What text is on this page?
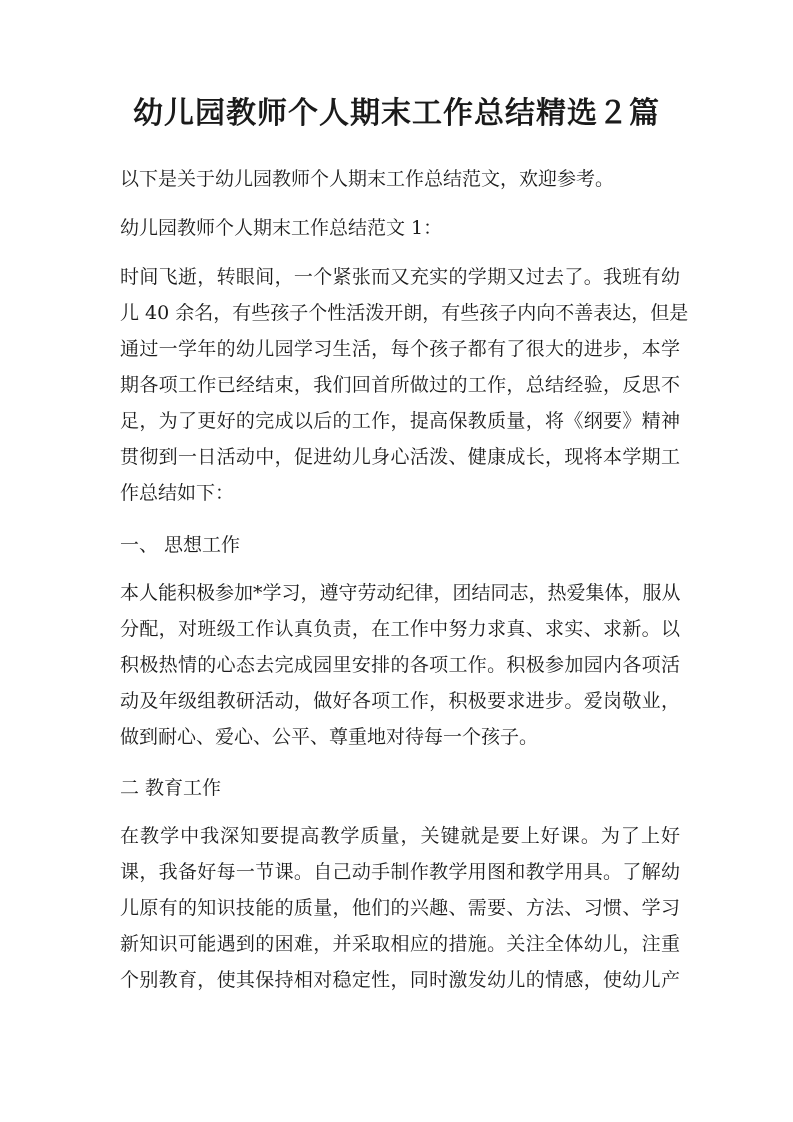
幼儿园教师个人期末工作总结精选２篇
以下是关于幼儿园教师个人期末工作总结范文，欢迎参考。
幼儿园教师个人期末工作总结范文 1：
时间飞逝，转眼间，一个紧张而又充实的学期又过去了。我班有幼
儿 40 余名，有些孩子个性活泼开朗，有些孩子内向不善表达，但是
通过一学年的幼儿园学习生活，每个孩子都有了很大的进步，本学
期各项工作已经结束，我们回首所做过的工作，总结经验，反思不
足，为了更好的完成以后的工作，提高保教质量，将《纲要》精神
贯彻到一日活动中，促进幼儿身心活泼、健康成长，现将本学期工
作总结如下：
一、 思想工作
本人能积极参加*学习，遵守劳动纪律，团结同志，热爱集体，服从
分配，对班级工作认真负责，在工作中努力求真、求实、求新。以
积极热情的心态去完成园里安排的各项工作。积极参加园内各项活
动及年级组教研活动，做好各项工作，积极要求进步。爱岗敬业，
做到耐心、爱心、公平、尊重地对待每一个孩子。
二 教育工作
在教学中我深知要提高教学质量，关键就是要上好课。为了上好
课，我备好每一节课。自己动手制作教学用图和教学用具。了解幼
儿原有的知识技能的质量，他们的兴趣、需要、方法、习惯、学习
新知识可能遇到的困难，并采取相应的措施。关注全体幼儿，注重
个别教育，使其保持相对稳定性，同时激发幼儿的情感，使幼儿产
